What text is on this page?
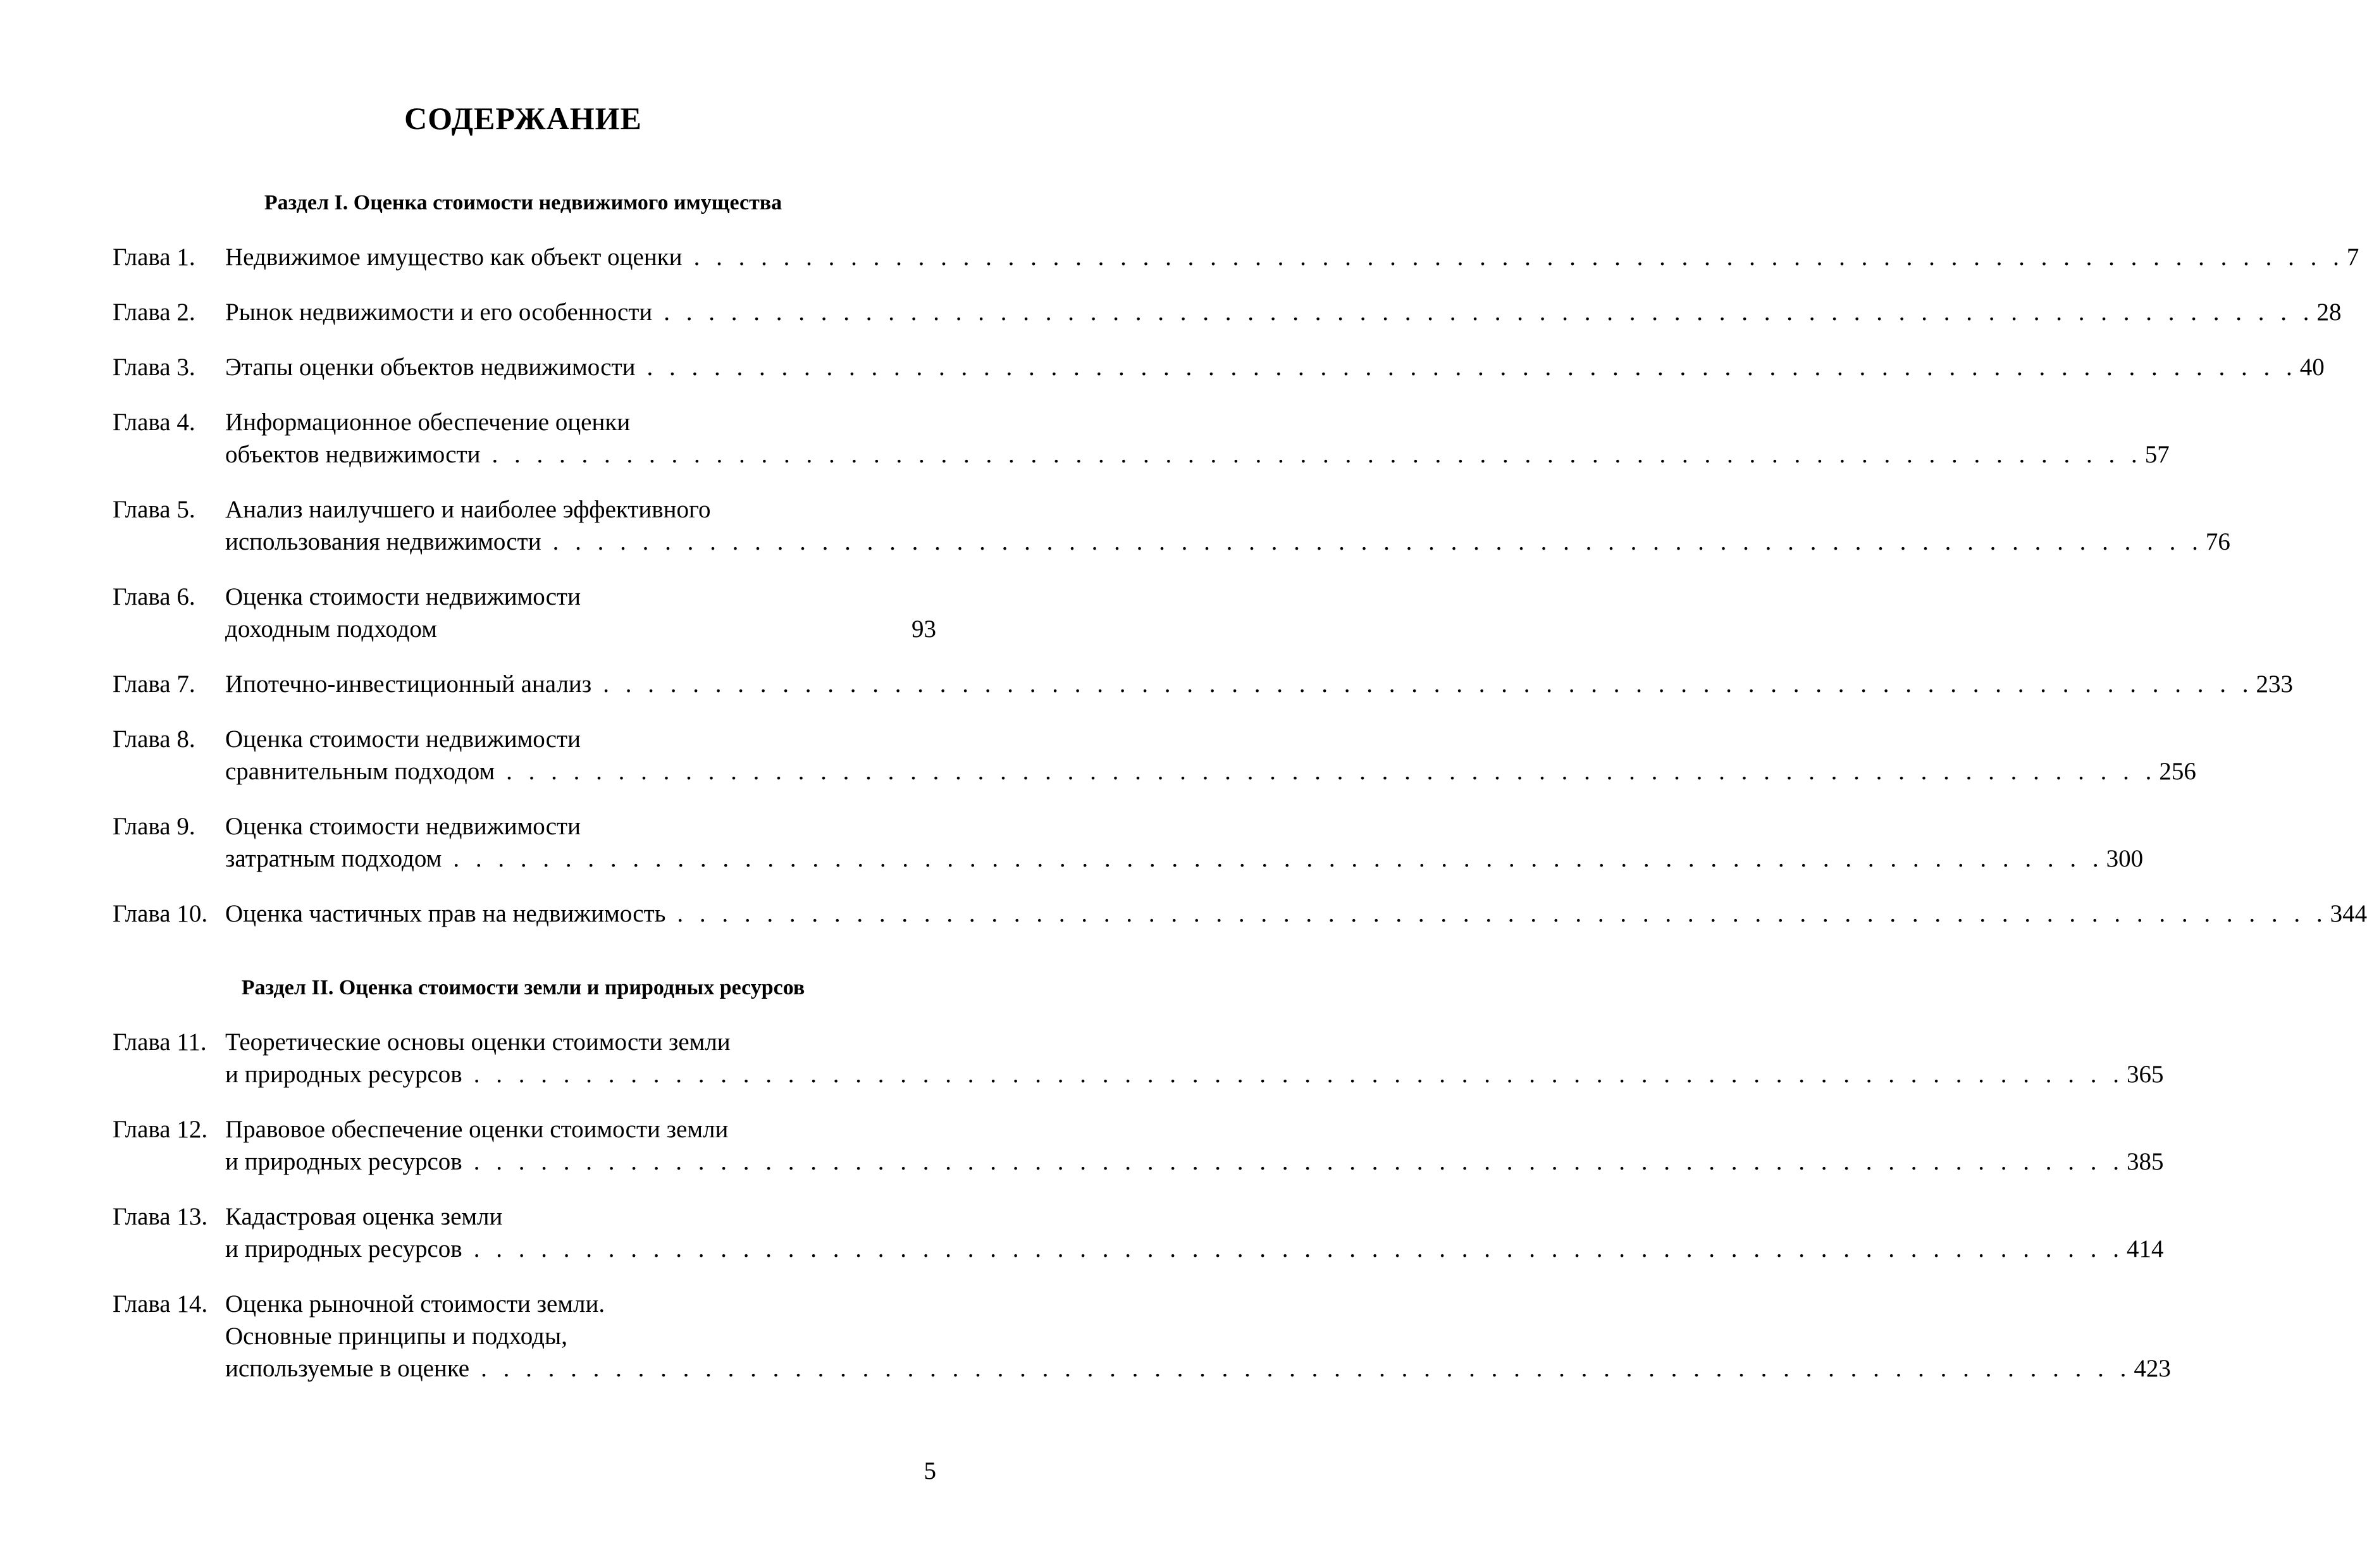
СОДЕРЖАНИЕ
Раздел I. Оценка стоимости недвижимого имущества
Глава 1. Недвижимое имущество как объект оценки . . . . . . . . . . . . . . . . . . . . . . . . . . . . . . . . . . . . . . . . . . . . . . . . . . . . . . . . . . . . . . . . . . . . . . . . . . 7
Глава 2. Рынок недвижимости и его особенности . . . . . . . . . . . . . . . . . . . . . . . . . . . . . . . . . . . . . . . . . . . . . . . . . . . . . . . . . . . . . . . . . . . . . . . . . . 28
Глава 3. Этапы оценки объектов недвижимости . . . . . . . . . . . . . . . . . . . . . . . . . . . . . . . . . . . . . . . . . . . . . . . . . . . . . . . . . . . . . . . . . . . . . . . . . . 40
Глава 4. Информационное обеспечение оценки
объектов недвижимости . . . . . . . . . . . . . . . . . . . . . . . . . . . . . . . . . . . . . . . . . . . . . . . . . . . . . . . . . . . . . . . . . . . . . . . . . . 57
Глава 5. Анализ наилучшего и наиболее эффективного
использования недвижимости . . . . . . . . . . . . . . . . . . . . . . . . . . . . . . . . . . . . . . . . . . . . . . . . . . . . . . . . . . . . . . . . . . . . . . . . . . 76
Глава 6. Оценка стоимости недвижимости
доходным подходом	93
Глава 7. Ипотечно-инвестиционный анализ . . . . . . . . . . . . . . . . . . . . . . . . . . . . . . . . . . . . . . . . . . . . . . . . . . . . . . . . . . . . . . . . . . . . . . . . . . 233
Глава 8. Оценка стоимости недвижимости
сравнительным подходом . . . . . . . . . . . . . . . . . . . . . . . . . . . . . . . . . . . . . . . . . . . . . . . . . . . . . . . . . . . . . . . . . . . . . . . . . . 256
Глава 9. Оценка стоимости недвижимости
затратным подходом . . . . . . . . . . . . . . . . . . . . . . . . . . . . . . . . . . . . . . . . . . . . . . . . . . . . . . . . . . . . . . . . . . . . . . . . . . 300
Глава 10. Оценка частичных прав на недвижимость . . . . . . . . . . . . . . . . . . . . . . . . . . . . . . . . . . . . . . . . . . . . . . . . . . . . . . . . . . . . . . . . . . . . . . . . . . 344
Раздел II. Оценка стоимости земли и природных ресурсов
Глава 11. Теоретические основы оценки стоимости земли
и природных ресурсов . . . . . . . . . . . . . . . . . . . . . . . . . . . . . . . . . . . . . . . . . . . . . . . . . . . . . . . . . . . . . . . . . . . . . . . . . . 365
Глава 12. Правовое обеспечение оценки стоимости земли
и природных ресурсов . . . . . . . . . . . . . . . . . . . . . . . . . . . . . . . . . . . . . . . . . . . . . . . . . . . . . . . . . . . . . . . . . . . . . . . . . . 385
Глава 13. Кадастровая оценка земли
и природных ресурсов . . . . . . . . . . . . . . . . . . . . . . . . . . . . . . . . . . . . . . . . . . . . . . . . . . . . . . . . . . . . . . . . . . . . . . . . . . 414
Глава 14. Оценка рыночной стоимости земли.
Основные принципы и подходы,
используемые в оценке . . . . . . . . . . . . . . . . . . . . . . . . . . . . . . . . . . . . . . . . . . . . . . . . . . . . . . . . . . . . . . . . . . . . . . . . . . 423
5
